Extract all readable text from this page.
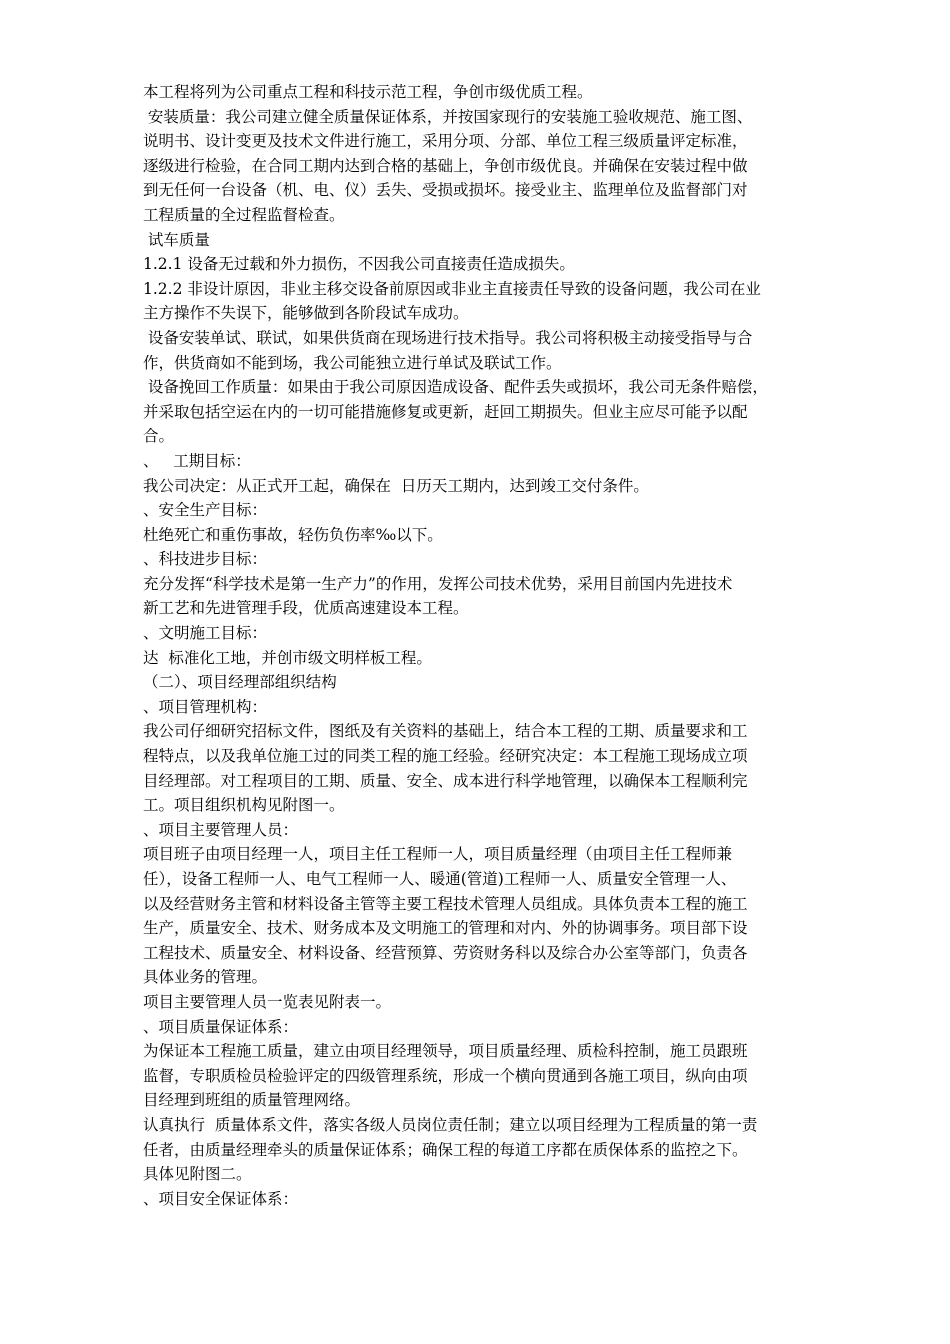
本工程将列为公司重点工程和科技示范工程，争创市级优质工程。
安装质量：我公司建立健全质量保证体系，并按国家现行的安装施工验收规范、施工图、
说明书、设计变更及技术文件进行施工，采用分项、分部、单位工程三级质量评定标准，
逐级进行检验，在合同工期内达到合格的基础上，争创市级优良。并确保在安装过程中做
到无任何一台设备（机、电、仪）丢失、受损或损坏。接受业主、监理单位及监督部门对
工程质量的全过程监督检查。
试车质量
1.2.1 设备无过载和外力损伤，不因我公司直接责任造成损失。
1.2.2 非设计原因，非业主移交设备前原因或非业主直接责任导致的设备问题，我公司在业
主方操作不失误下，能够做到各阶段试车成功。
设备安装单试、联试，如果供货商在现场进行技术指导。我公司将积极主动接受指导与合
作，供货商如不能到场，我公司能独立进行单试及联试工作。
设备挽回工作质量：如果由于我公司原因造成设备、配件丢失或损坏，我公司无条件赔偿，
并采取包括空运在内的一切可能措施修复或更新，赶回工期损失。但业主应尽可能予以配
合。
、   工期目标：
我公司决定：从正式开工起，确保在  日历天工期内，达到竣工交付条件。
、安全生产目标：
杜绝死亡和重伤事故，轻伤负伤率‰以下。
、科技进步目标：
充分发挥“科学技术是第一生产力”的作用，发挥公司技术优势，采用目前国内先进技术
新工艺和先进管理手段，优质高速建设本工程。
、文明施工目标：
达  标准化工地，并创市级文明样板工程。
（二）、项目经理部组织结构
、项目管理机构：
我公司仔细研究招标文件，图纸及有关资料的基础上，结合本工程的工期、质量要求和工
程特点，以及我单位施工过的同类工程的施工经验。经研究决定：本工程施工现场成立项
目经理部。对工程项目的工期、质量、安全、成本进行科学地管理，以确保本工程顺利完
工。项目组织机构见附图一。
、项目主要管理人员：
项目班子由项目经理一人，项目主任工程师一人，项目质量经理（由项目主任工程师兼
任），设备工程师一人、电气工程师一人、暖通(管道)工程师一人、质量安全管理一人、
以及经营财务主管和材料设备主管等主要工程技术管理人员组成。具体负责本工程的施工
生产，质量安全、技术、财务成本及文明施工的管理和对内、外的协调事务。项目部下设
工程技术、质量安全、材料设备、经营预算、劳资财务科以及综合办公室等部门，负责各
具体业务的管理。
项目主要管理人员一览表见附表一。
、项目质量保证体系：
为保证本工程施工质量，建立由项目经理领导，项目质量经理、质检科控制，施工员跟班
监督，专职质检员检验评定的四级管理系统，形成一个横向贯通到各施工项目，纵向由项
目经理到班组的质量管理网络。
认真执行  质量体系文件，落实各级人员岗位责任制；建立以项目经理为工程质量的第一责
任者，由质量经理牵头的质量保证体系；确保工程的每道工序都在质保体系的监控之下。
具体见附图二。
、项目安全保证体系：
